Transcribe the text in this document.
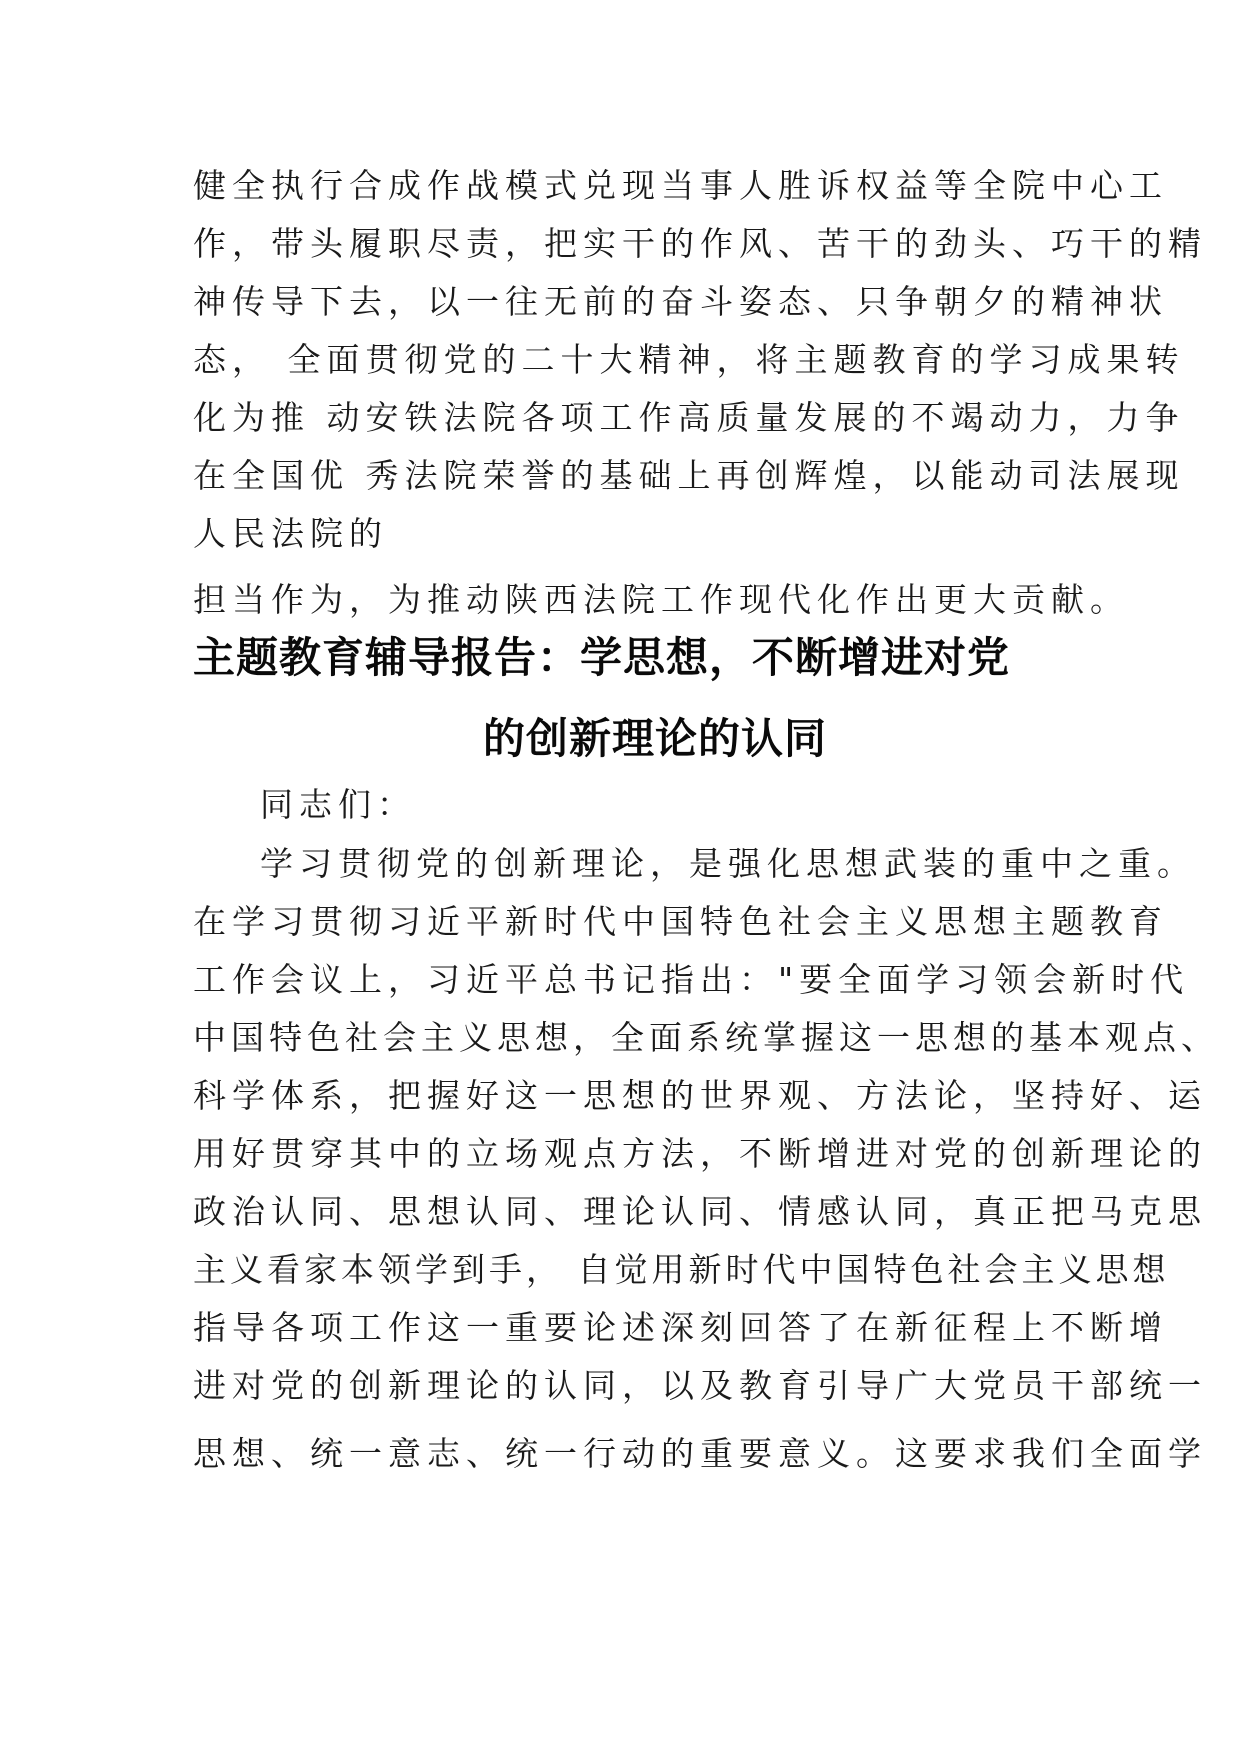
健全执行合成作战模式兑现当事人胜诉权益等全院中心工
作，带头履职尽责，把实干的作风、苦干的劲头、巧干的精
神传导下去，以一往无前的奋斗姿态、只争朝夕的精神状
态， 全面贯彻党的二十大精神，将主题教育的学习成果转
化为推 动安铁法院各项工作高质量发展的不竭动力，力争
在全国优 秀法院荣誉的基础上再创辉煌，以能动司法展现
人民法院的
担当作为，为推动陕西法院工作现代化作出更大贡献。
主题教育辅导报告：学思想，不断增进对党
的创新理论的认同
同志们：
学习贯彻党的创新理论，是强化思想武装的重中之重。
在学习贯彻习近平新时代中国特色社会主义思想主题教育
工作会议上，习近平总书记指出："要全面学习领会新时代
中国特色社会主义思想，全面系统掌握这一思想的基本观点、
科学体系，把握好这一思想的世界观、方法论，坚持好、运
用好贯穿其中的立场观点方法，不断增进对党的创新理论的
政治认同、思想认同、理论认同、情感认同，真正把马克思
主义看家本领学到手， 自觉用新时代中国特色社会主义思想
指导各项工作这一重要论述深刻回答了在新征程上不断增
进对党的创新理论的认同，以及教育引导广大党员干部统一
思想、统一意志、统一行动的重要意义。这要求我们全面学
